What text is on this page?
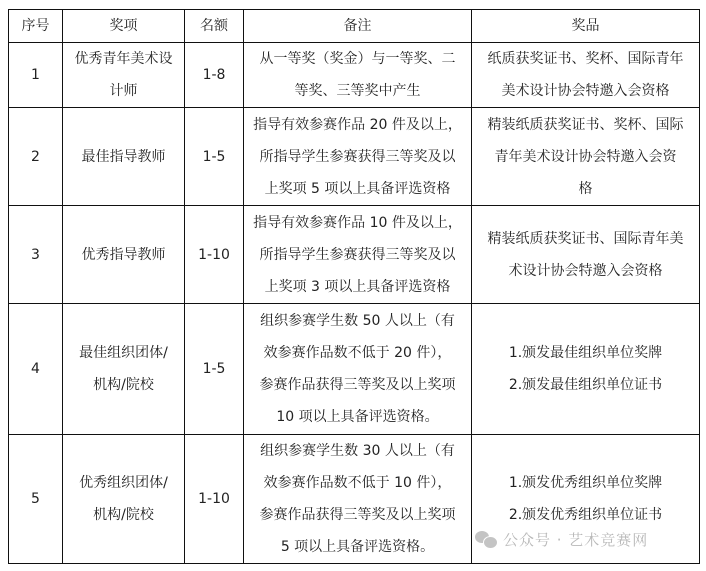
序号	奖项	名额	备注	奖品
1	优秀青年美术设
计师	1-8	从一等奖（奖金）与一等奖、二
等奖、三等奖中产生	纸质获奖证书、奖杯、国际青年
美术设计协会特邀入会资格

2	最佳指导教师	1-5	指导有效参赛作品 20 件及以上，
所指导学生参赛获得三等奖及以
上奖项 5 项以上具备评选资格	精装纸质获奖证书、奖杯、国际
青年美术设计协会特邀入会资
格

3	优秀指导教师	1-10	指导有效参赛作品 10 件及以上，
所指导学生参赛获得三等奖及以
上奖项 3 项以上具备评选资格	精装纸质获奖证书、国际青年美
术设计协会特邀入会资格

4	最佳组织团体/
机构/院校	1-5	组织参赛学生数 50 人以上（有
效参赛作品数不低于 20 件），
参赛作品获得三等奖及以上奖项
10 项以上具备评选资格。	1.颁发最佳组织单位奖牌
2.颁发最佳组织单位证书

5	优秀组织团体/
机构/院校	1-10	组织参赛学生数 30 人以上（有
效参赛作品数不低于 10 件），
参赛作品获得三等奖及以上奖项
5 项以上具备评选资格。	1.颁发优秀组织单位奖牌
2.颁发优秀组织单位证书
公众号 · 艺术竞赛网
